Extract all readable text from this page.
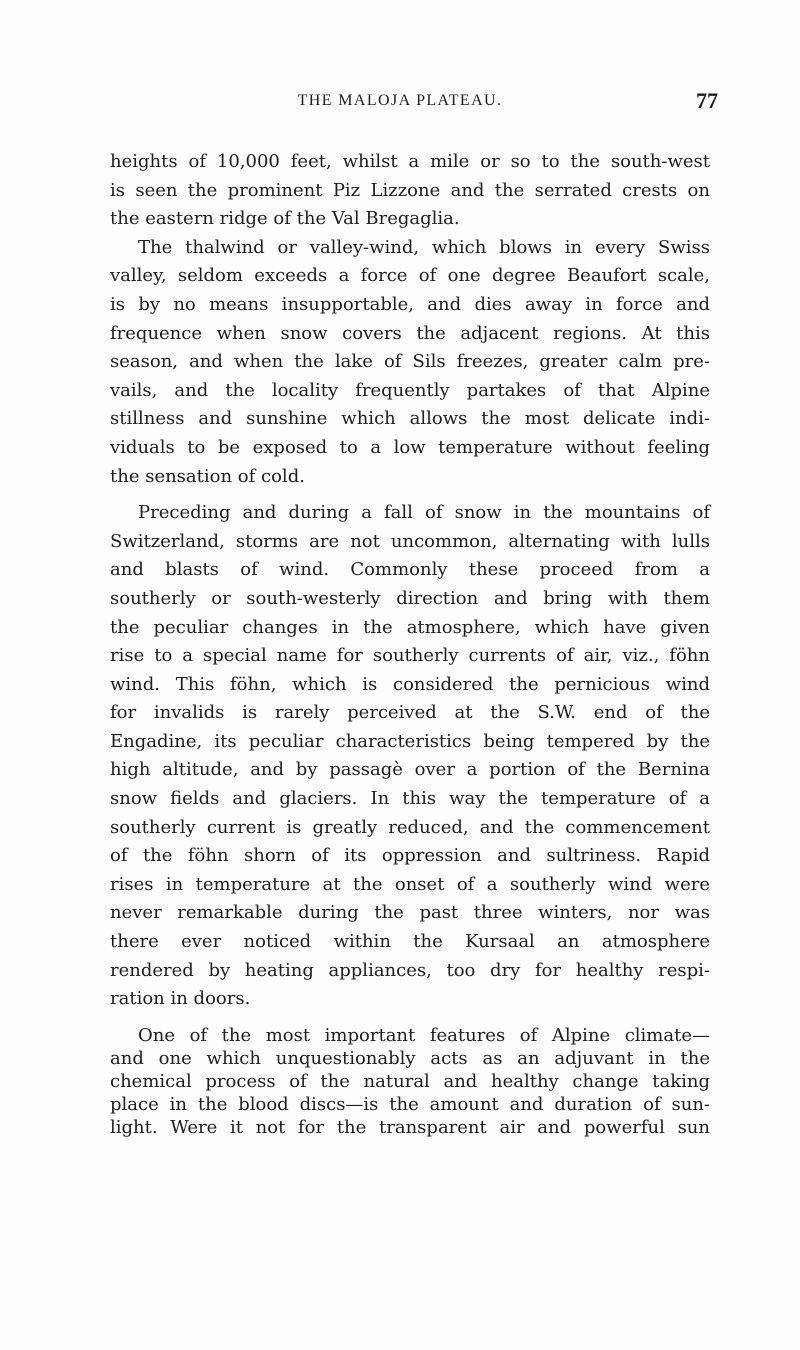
THE MALOJA PLATEAU.	77
heights of 10,000 feet, whilst a mile or so to the south-west
is seen the prominent Piz Lizzone and the serrated crests on
the eastern ridge of the Val Bregaglia.
The thalwind or valley-wind, which blows in every Swiss
valley, seldom exceeds a force of one degree Beaufort scale,
is by no means insupportable, and dies away in force and
frequence when snow covers the adjacent regions. At this
season, and when the lake of Sils freezes, greater calm pre-
vails, and the locality frequently partakes of that Alpine
stillness and sunshine which allows the most delicate indi-
viduals to be exposed to a low temperature without feeling
the sensation of cold.
Preceding and during a fall of snow in the mountains of
Switzerland, storms are not uncommon, alternating with lulls
and blasts of wind. Commonly these proceed from a
southerly or south-westerly direction and bring with them
the peculiar changes in the atmosphere, which have given
rise to a special name for southerly currents of air, viz., föhn
wind. This föhn, which is considered the pernicious wind
for invalids is rarely perceived at the S.W. end of the
Engadine, its peculiar characteristics being tempered by the
high altitude, and by passagè over a portion of the Bernina
snow fields and glaciers. In this way the temperature of a
southerly current is greatly reduced, and the commencement
of the föhn shorn of its oppression and sultriness. Rapid
rises in temperature at the onset of a southerly wind were
never remarkable during the past three winters, nor was
there ever noticed within the Kursaal an atmosphere
rendered by heating appliances, too dry for healthy respi-
ration in doors.
One of the most important features of Alpine climate—
and one which unquestionably acts as an adjuvant in the
chemical process of the natural and healthy change taking
place in the blood discs—is the amount and duration of sun-
light. Were it not for the transparent air and powerful sun
